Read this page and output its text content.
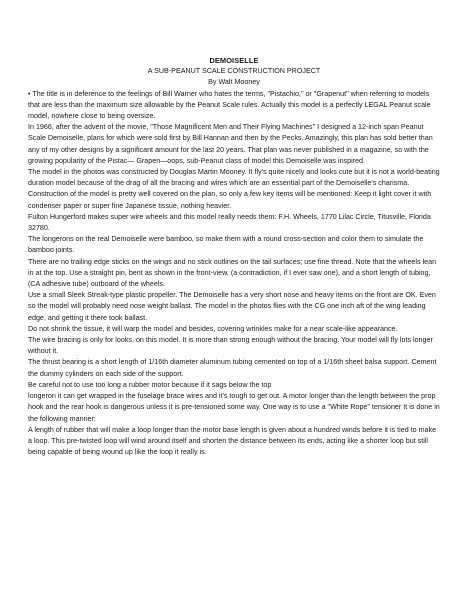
DEMOISELLE

A SUB-PEANUT SCALE CONSTRUCTION PROJECT

By Walt Mooney

• The title is in deference to the feelings of Bill Warner who hates the terms, "Pistachio," or "Grapenut" when referring to models that are less than the maximum size allowable by the Peanut Scale rules. Actually this model is a perfectly LEGAL Peanut scale model, nowhere close to being oversize.

In 1966, after the advent of the movie, "Those Magnificent Men and Their Flying Machines" I designed a 12-inch span Peanut Scale Demoiselle, plans for which were sold first by Bill Hannan and then by the Pecks. Amazingly, this plan has sold better than any of my other designs by a significant amount for the last 20 years. That plan was never published in a magazine, so with the growing popularity of the Pistac— Grapen—oops, sub-Peanut class of model this Demoiselle was inspired.

The model in the photos was constructed by Douglas Martin Mooney. It fly's quite nicely and looks cute but it is not a world-beating duration model because of the drag of all the bracing and wires which are an essential part of the Demoiselle's charisma.

Construction of the model is pretty well covered on the plan, so only a few key items will be mentioned: Keep it light cover it with condenser paper or super fine Japanese tissue, nothing heavier.

Fulton Hungerford makes super wire wheels and this model really needs them: F.H. Wheels, 1770 Lilac Circle, Titusville, Florida 32780.

The longerons on the real Demoiselle were bamboo, so make them with a round cross-section and color them to simulate the bamboo joints.

There are no trailing edge sticks on the wings and no stick outlines on the tail surfaces; use fine thread. Note that the wheels lean in at the top. Use a straight pin, bent as shown in the front-view, (a contradiction, if I ever saw one), and a short length of tubing, (CA adhesive tube) outboard of the wheels.

Use a small Sleek Streak-type plastic propeller. The Demoiselle has a very short nose and heavy items on the front are OK. Even so the model will probably need nose weight ballast. The model in the photos flies with the CG one inch aft of the wing leading edge, and getting it there took ballast.

Do not shrink the tissue, it will warp the model and besides, covering wrinkles make for a near scale-like appearance.

The wire bracing is only for looks, on this model. It is more than strong enough without the bracing. Your model will fly lots longer without it.

The thrust bearing is a short length of 1/16th diameter aluminum tubing cemented on top of a 1/16th sheet balsa support. Cement the dummy cylinders on each side of the support.

Be careful not to use too long a rubber motor because if it sags below the top

longeron it can get wrapped in the fuselage brace wires and it's tough to get out. A motor longer than the length between the prop hook and the rear hook is dangerous unless it is pre-tensioned some way. One way is to use a "White Rope" tensioner It is done in the following manner:

A length of rubber that will make a loop longer than the motor base length is given about a hundred winds before it is tied to make a loop. This pre-twisted loop will wind around itself and shorten the distance between its ends, acting like a shorter loop but still being capable of being wound up like the loop it really is.
